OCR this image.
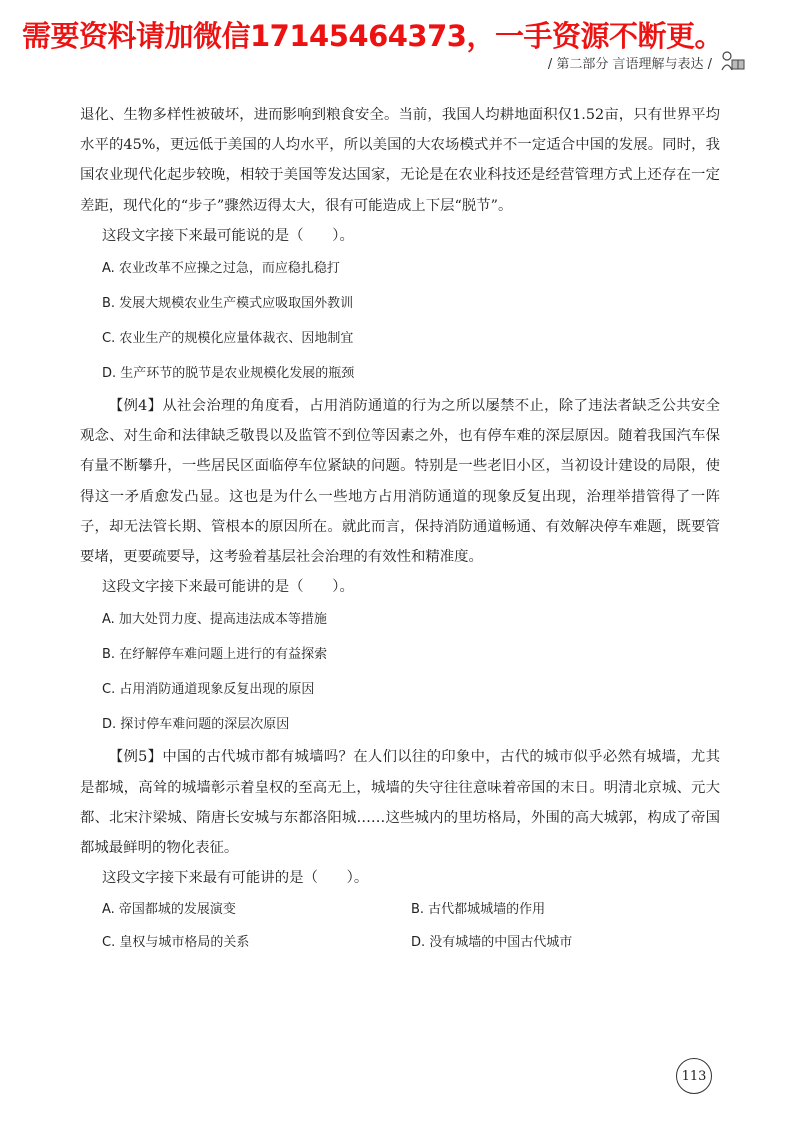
需要资料请加微信17145464373，一手资源不断更。
/ 第二部分 言语理解与表达 /

退化、生物多样性被破坏，进而影响到粮食安全。当前，我国人均耕地面积仅1.52亩，只有世界平均水平的45%，更远低于美国的人均水平，所以美国的大农场模式并不一定适合中国的发展。同时，我国农业现代化起步较晚，相较于美国等发达国家，无论是在农业科技还是经营管理方式上还存在一定差距，现代化的“步子”骤然迈得太大，很有可能造成上下层“脱节”。

这段文字接下来最可能说的是（　　）。

A. 农业改革不应操之过急，而应稳扎稳打

B. 发展大规模农业生产模式应吸取国外教训

C. 农业生产的规模化应量体裁衣、因地制宜

D. 生产环节的脱节是农业规模化发展的瓶颈

【例4】从社会治理的角度看，占用消防通道的行为之所以屡禁不止，除了违法者缺乏公共安全观念、对生命和法律缺乏敬畏以及监管不到位等因素之外，也有停车难的深层原因。随着我国汽车保有量不断攀升，一些居民区面临停车位紧缺的问题。特别是一些老旧小区，当初设计建设的局限，使得这一矛盾愈发凸显。这也是为什么一些地方占用消防通道的现象反复出现，治理举措管得了一阵子，却无法管长期、管根本的原因所在。就此而言，保持消防通道畅通、有效解决停车难题，既要管要堵，更要疏要导，这考验着基层社会治理的有效性和精准度。

这段文字接下来最可能讲的是（　　）。

A. 加大处罚力度、提高违法成本等措施

B. 在纾解停车难问题上进行的有益探索

C. 占用消防通道现象反复出现的原因

D. 探讨停车难问题的深层次原因

【例5】中国的古代城市都有城墙吗？在人们以往的印象中，古代的城市似乎必然有城墙，尤其是都城，高耸的城墙彰示着皇权的至高无上，城墙的失守往往意味着帝国的末日。明清北京城、元大都、北宋汴梁城、隋唐长安城与东都洛阳城……这些城内的里坊格局，外围的高大城郭，构成了帝国都城最鲜明的物化表征。

这段文字接下来最有可能讲的是（　　）。

A. 帝国都城的发展演变	B. 古代都城城墙的作用
C. 皇权与城市格局的关系	D. 没有城墙的中国古代城市
113
